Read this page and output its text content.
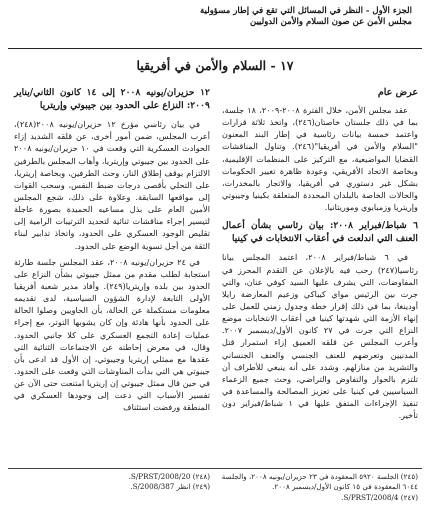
الجزء الأول - النظر في المسائل التي تقع في إطار مسؤولية
مجلس الأمن عن صون السلام والأمن الدوليين
١٧ - السلام والأمن في أفريقيا
عرض عام

عقد مجلس الأمن، خلال الفترة ٢٠٠٨-٢٠٠٩، ١٨ جلسة، بما في ذلك جلستان خاصتان(٢٤٦)، واتخذ ثلاثة قرارات واعتمد خمسة بيانات رئاسية في إطار البند المعنون "السلام والأمن في أفريقيا"(٢٤٦). وتناول المناقشات القضايا المواضيعية، مع التركيز على المنظمات الإقليمية، وبخاصة الاتحاد الأفريقي، وعودة ظاهرة تغيير الحكومات بشكل غير دستوري في أفريقيا، والاتجار بالمخدرات، والحالات الخاصة بالبلدان المحددة المتعلقة بكينيا وجيبوتي وإريتريا وزمبابوي وموريتانيا.

٦ شباط/فبراير ٢٠٠٨: بيان رئاسي بشأن أعمال العنف التي اندلعت في أعقاب الانتخابات في كينيا

في ٦ شباط/فبراير ٢٠٠٨، اعتمد المجلس بيانا رئاسيا(٢٤٧) رحب فيه بالإعلان عن التقدم المحرز في المفاوضات، التي يشرف عليها السيد كوفي عنان، والتي جرت بين الرئيس مواي كيباكي وزعيم المعارضة رايلا أودينغا، بما في ذلك إقرار خطة وجدول زمني للعمل على إنهاء الأزمة التي شهدتها كينيا في أعقاب الانتخابات موضع النزاع التي جرت في ٢٧ كانون الأول/ديسمبر ٢٠٠٧. وأعرب المجلس عن قلقه العميق إزاء استمرار قتل المدنيين وتعرضهم للعنف الجنسي والعنف الجنساني والتشريد من منازلهم. وشدد على أنه ينبغي للأطراف أن تلتزم بالحوار والتفاوض والتراضي، وحث جميع الزعماء السياسيين في كينيا على تعزيز المصالحة والمساعدة في تنفيذ الإجراءات المتفق عليها في ١ شباط/فبراير دون تأخير.

١٢ حزيران/يونيه ٢٠٠٨ إلى ١٤ كانون الثاني/يناير ٢٠٠٩: النزاع على الحدود بين جيبوتي وإريتريا

في بيان رئاسي مؤرخ ١٢ حزيران/يونيه ٢٠٠٨(٢٤٨)، أعرب المجلس، ضمن أمور أخرى، عن قلقه الشديد إزاء الحوادث العسكرية التي وقعت في ١٠ حزيران/يونيه ٢٠٠٨ على الحدود بين جيبوتي وإريتريا، وأهاب المجلس بالطرفين الالتزام بوقف إطلاق النار، وحث الطرفين، وبخاصة إريتريا، على التحلي بأقصى درجات ضبط النفس، وسحب القوات إلى مواقعها السابقة. وعلاوة على ذلك، شجع المجلس الأمين العام على بذل مساعيه الحميدة بصورة عاجلة لتيسير إجراء مناقشات ثنائية لتحديد الترتيبات الرامية إلى تقليص الوجود العسكري على الحدود، واتخاذ تدابير لبناء الثقة من أجل تسوية الوضع على الحدود.

في ٢٤ حزيران/يونيه ٢٠٠٨، عقد المجلس جلسة طارئة استجابة لطلب مقدم من ممثل جيبوتي بشأن النزاع على الحدود بين بلده وإريتريا(٢٤٩). وأفاد مدير شعبة أفريقيا الأولى التابعة لإدارة الشؤون السياسية، لدى تقديمه معلومات مستكملة عن الحالة، بأن الحاويين وصلوا الحالة على الحدود بأنها هادئة وإن كان يشوبها التوتر، مع إجراء عمليات إعادة التجمع العسكري على كلا جانبي الحدود. وقال، في معرض إحاطته عن الاجتماعات الثنائية التي عقدها مع ممثلي إريتريا وجيبوتي، إن الأول قد ادعى بأن جيبوتي هي التي بدأت المناوشات التي وقعت على الحدود. في حين قال ممثل جيبوتي إن إريتريا امتنعت حتى الآن عن تفسير الأسباب التي دعت إلى وجودها العسكري في المنطقة ورفضت استئناف

(٢٤٥) الجلسة ٥٩٢٠ المعقودة في ٢٣ حزيران/يونيه ٢٠٠٨، والجلسة ٦٠٤٤ المعقودة في ١٥ كانون الأول/ديسمبر ٢٠٠٨.
(٢٤٧) S/PRST/2008/4.
(٢٤٨) S/PRST/2008/20.
(٢٤٩) انظر S/2008/387.
